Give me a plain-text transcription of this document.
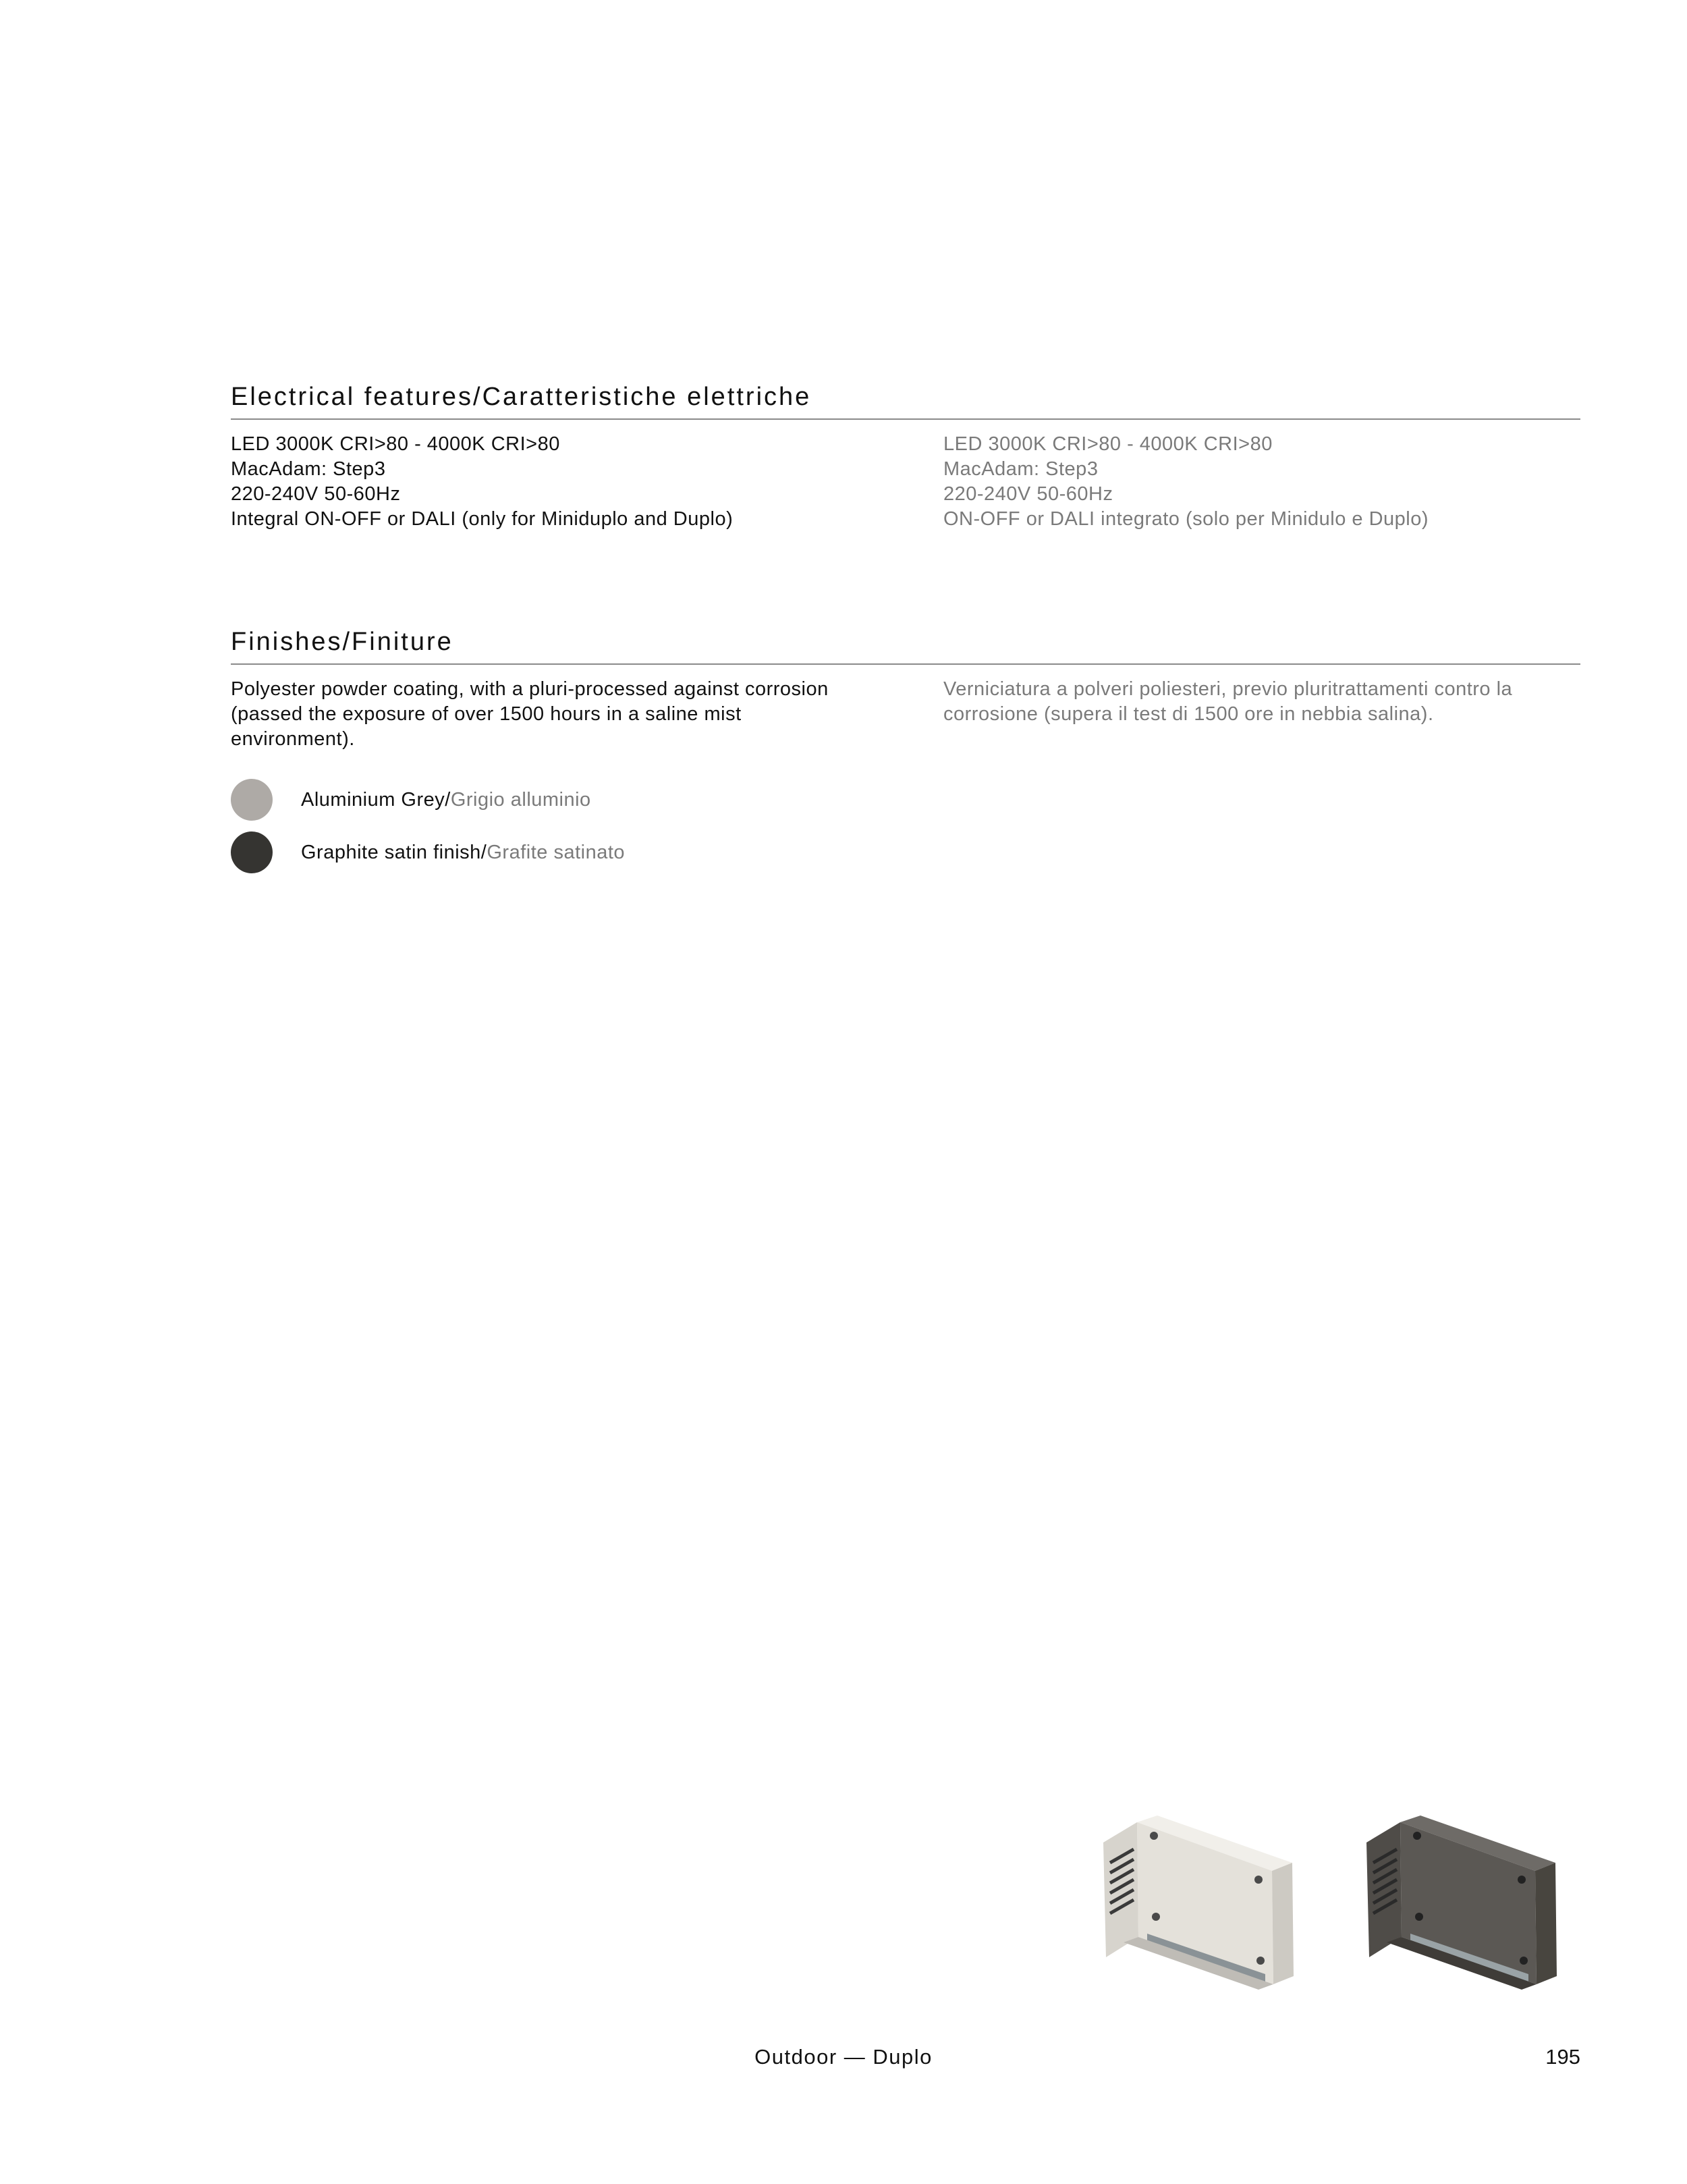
Electrical features/Caratteristiche elettriche
LED 3000K CRI>80 - 4000K CRI>80
MacAdam: Step3
220-240V 50-60Hz
Integral ON-OFF or DALI (only for Miniduplo and Duplo)
LED 3000K CRI>80 - 4000K CRI>80
MacAdam: Step3
220-240V 50-60Hz
ON-OFF or DALI integrato (solo per Minidulo e Duplo)
Finishes/Finiture
Polyester powder coating, with a pluri-processed against corrosion (passed the exposure of over 1500 hours in a saline mist environment).
Aluminium Grey/Grigio alluminio
Graphite satin finish/Grafite satinato
Verniciatura a polveri poliesteri, previo pluritrattamenti contro la corrosione (supera il test di 1500 ore in nebbia salina).
Outdoor — Duplo	195
